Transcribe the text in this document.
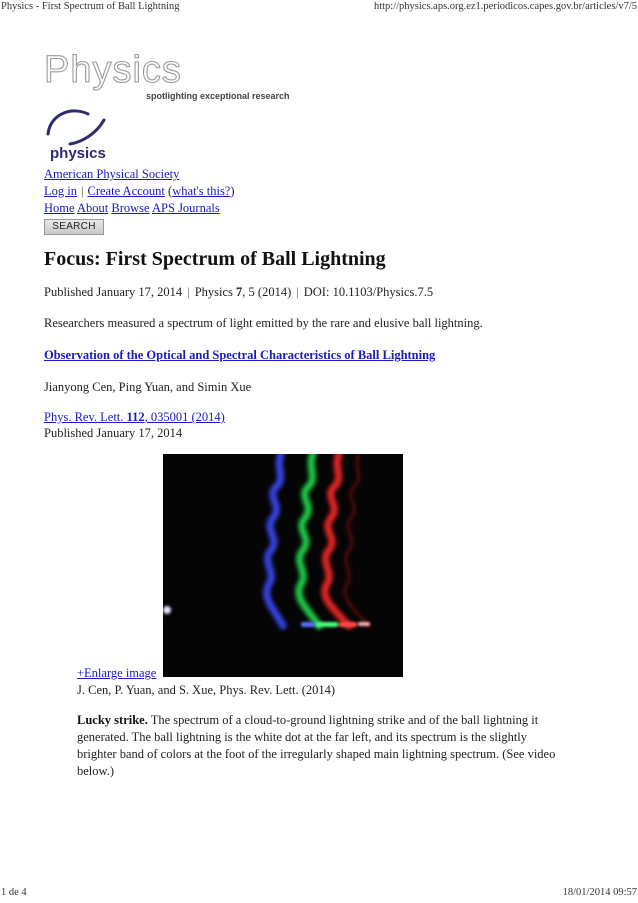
Physics - First Spectrum of Ball Lightning	http://physics.aps.org.ez1.periodicos.capes.gov.br/articles/v7/5
Physics
spotlighting exceptional research
physics
American Physical Society
Log in | Create Account (what's this?)
Home About Browse APS Journals
SEARCH
Focus: First Spectrum of Ball Lightning
Published January 17, 2014 | Physics 7, 5 (2014) | DOI: 10.1103/Physics.7.5
Researchers measured a spectrum of light emitted by the rare and elusive ball lightning.
Observation of the Optical and Spectral Characteristics of Ball Lightning
Jianyong Cen, Ping Yuan, and Simin Xue
Phys. Rev. Lett. 112, 035001 (2014)
Published January 17, 2014
+Enlarge image
J. Cen, P. Yuan, and S. Xue, Phys. Rev. Lett. (2014)
Lucky strike. The spectrum of a cloud-to-ground lightning strike and of the ball lightning it generated. The ball lightning is the white dot at the far left, and its spectrum is the slightly brighter band of colors at the foot of the irregularly shaped main lightning spectrum. (See video below.)
1 de 4	18/01/2014 09:57
